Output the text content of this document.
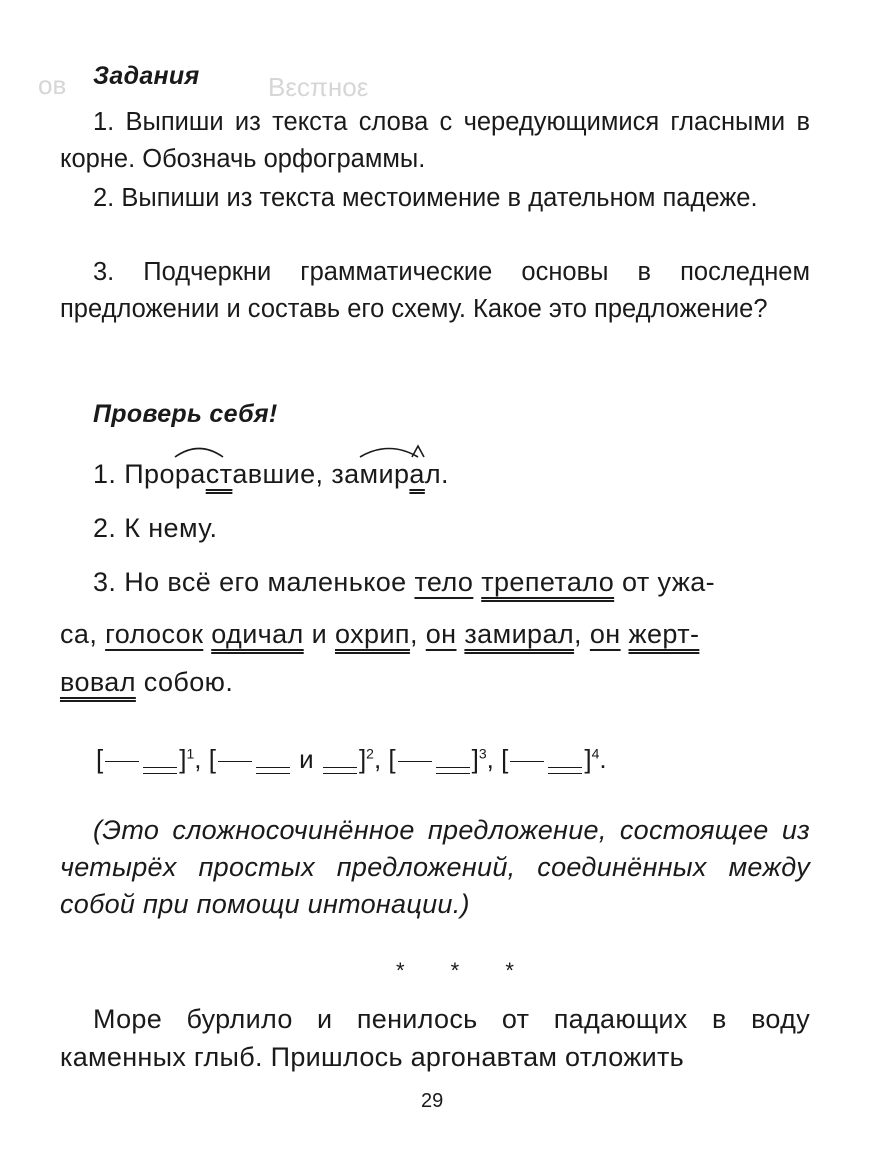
ов	Βεcπнοε
Задания

1. Выпиши из текста слова с чередующимися гласными в корне. Обозначь орфограммы.

2. Выпиши из текста местоимение в дательном падеже.

3. Подчеркни грамматические основы в последнем предложении и составь его схему. Какое это предложение?

Проверь себя!
1. Про
раставшие, за
мир
ал.
2. К нему.
3. Но всё его маленькое тело трепетало от ужа-
са, голосок одичал и охрип, он замирал, он жерт-
вовал собою.
[	]$^1$, [	и ]$^2$, [	]$^3$, [	]$^4$.

(Это сложносочинённое предложение, состоящее из четырёх простых предложений, соединённых между собой при помощи интонации.)

* * *

Море бурлило и пенилось от падающих в воду каменных глыб. Пришлось аргонавтам отложить

29
